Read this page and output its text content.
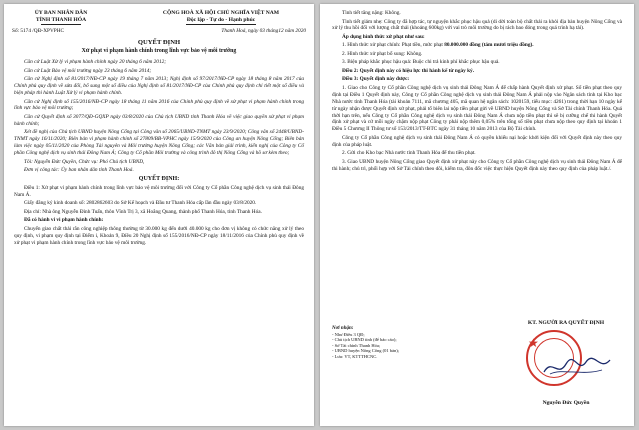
ỦY BAN NHÂN DÂN
TỈNH THANH HÓA
CỘNG HOÀ XÃ HỘI CHỦ NGHĨA VIỆT NAM
Độc lập - Tự do - Hạnh phúc
Số: 5174 /QĐ-XPVPHC	Thanh Hoá, ngày 03 tháng12 năm 2020
QUYẾT ĐỊNH
Xử phạt vi phạm hành chính trong lĩnh vực bảo vệ môi trường

Căn cứ Luật Xử lý vi phạm hành chính ngày 20 tháng 6 năm 2012;

Căn cứ Luật Bảo vệ môi trường ngày 23 tháng 6 năm 2014;

Căn cứ Nghị định số 81/2017/NĐ-CP ngày 19 tháng 7 năm 2013; Nghị định số 97/2017/NĐ-CP ngày 18 tháng 8 năm 2017 của Chính phủ quy định về sửa đổi, bổ sung một số điều của Nghị định số 81/2017/NĐ-CP của Chính phủ quy định chi tiết một số điều và biện pháp thi hành Luật Xử lý vi phạm hành chính.

Căn cứ Nghị định số 155/2016/NĐ-CP ngày 18 tháng 11 năm 2016 của Chính phủ quy định về xử phạt vi phạm hành chính trong lĩnh vực bảo vệ môi trường;

Căn cứ Quyết định số 3077/QĐ-GQXP ngày 03/8/2020 của Chủ tịch UBND tỉnh Thanh Hóa về việc giao quyền xử phạt vi phạm hành chính;

Xét đề nghị của Chủ tịch UBND huyện Nông Cống tại Công văn số 2065/UBND-TNMT ngày 23/9/2020; Công văn số 2448/UBND-TNMT ngày 16/11/2020; Biên bản vi phạm hành chính số 27809/BB-VPHC ngày 15/9/2020 của Công an huyện Nông Cống; Biên bản làm việc ngày 05/11/2020 của Phòng Tài nguyên và Môi trường huyện Nông Cống; các Văn bản giải trình, kiến nghị của Công ty Cổ phần Công nghệ dịch vụ sinh thái Đông Nam Á; Công ty Cổ phần Môi trường và công trình đô thị Nông Cống và hồ sơ kèm theo;

Tôi: Nguyễn Đức Quyền, Chức vụ: Phó Chủ tịch UBND,

Đơn vị công tác: Ủy ban nhân dân tỉnh Thanh Hoá.

QUYẾT ĐỊNH:

Điều 1: Xử phạt vi phạm hành chính trong lĩnh vực bảo vệ môi trường đối với Công ty Cổ phần Công nghệ dịch vụ sinh thái Đông Nam Á.

Giấy đăng ký kinh doanh số: 2802862603 do Sở Kế hoạch và Đầu tư Thanh Hóa cấp lần đầu ngày 03/8/2020.

Địa chỉ: Nhà ông Nguyễn Đình Tuấn, thôn Vĩnh Trị 3, xã Hoằng Quang, thành phố Thanh Hóa, tỉnh Thanh Hóa.

Đã có hành vi vi phạm hành chính:

Chuyển giao chất thải rắn công nghiệp thông thường từ 30.000 kg đến dưới 40.000 kg cho đơn vị không có chức năng xử lý theo quy định, vi phạm quy định tại Điểm i, Khoản 9, Điều 20 Nghị định số 155/2016/NĐ-CP ngày 18/11/2016 của Chính phủ quy định về xử phạt vi phạm hành chính trong lĩnh vực bảo vệ môi trường.

Tình tiết tăng nặng: Không.

Tình tiết giảm nhẹ: Công ty đã hợp tác, tự nguyện khắc phục hậu quả (di dời toàn bộ chất thải ra khỏi địa bàn huyện Nông Cống và xử lý thu hồi đối với lượng chất thải (khoảng 600kg) với vai trò môi trường do bị rách bao đóng trong quá trình hạ tải).

Áp dụng hình thức xử phạt như sau:

1. Hình thức xử phạt chính: Phạt tiền, mức phạt 80.000.000 đồng (tám mươi triệu đồng).

2. Hình thức xử phạt bổ sung: Không.

3. Biện pháp khắc phục hậu quả: Buộc chi trả kinh phí khắc phục hậu quả.

Điều 2: Quyết định này có hiệu lực thi hành kể từ ngày ký.

Điều 3: Quyết định này được:

1. Giao cho Công ty Cổ phần Công nghệ dịch vụ sinh thái Đông Nam Á để chấp hành Quyết định xử phạt. Số tiền phạt theo quy định tại Điều 1 Quyết định này, Công ty Cổ phần Công nghệ dịch vụ sinh thái Đông Nam Á phải nộp vào Ngân sách tỉnh tại Kho bạc Nhà nước tỉnh Thanh Hóa (tài khoản 7111, mã chương 405, mã quan hệ ngân sách: 1020159, tiểu mục: 4261) trong thời hạn 10 ngày kể từ ngày nhận được Quyết định xử phạt, phải tổ biên lai nộp tiền phạt gửi về UBND huyện Nông Cống và Sở Tài chính Thanh Hóa. Quá thời hạn trên, nếu Công ty Cổ phần Công nghệ dịch vụ sinh thái Đông Nam Á chưa nộp tiền phạt thì sẽ bị cưỡng chế thi hành Quyết định xử phạt và cứ mỗi ngày chậm nộp phạt Công ty phải nộp thêm 0,05% trên tổng số tiền phạt chưa nộp theo quy định tại khoản 1 Điều 5 Chương II Thông tư số 153/2013/TT-BTC ngày 31 tháng 10 năm 2013 của Bộ Tài chính.

Công ty Cổ phần Công nghệ dịch vụ sinh thái Đông Nam Á có quyền khiếu nại hoặc khởi kiện đối với Quyết định này theo quy định của pháp luật.

2. Gửi cho Kho bạc Nhà nước tỉnh Thanh Hóa để thu tiền phạt.

3. Giao UBND huyện Nông Cống giao Quyết định xử phạt này cho Công ty Cổ phần Công nghệ dịch vụ sinh thái Đông Nam Á để thi hành; chủ trì, phối hợp với Sở Tài chính theo dõi, kiểm tra, đôn đốc việc thực hiện Quyết định này theo quy định của pháp luật./.

Nơi nhận:
- Như Điều 3 QĐ;
- Chủ tịch UBND tỉnh (để báo cáo);
- Sở Tài chính Thanh Hóa;
- UBND huyện Nông Cống (01 bản);
- Lưu: VT, KTTTHCNC.
KT. NGƯỜI RA QUYẾT ĐỊNH
★
Nguyễn Đức Quyền
